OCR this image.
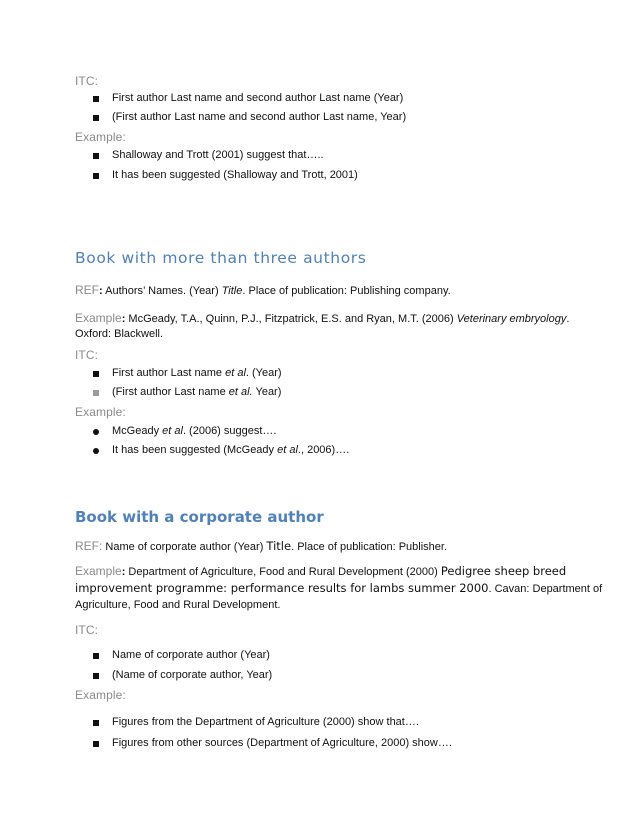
ITC:
First author Last name and second author Last name (Year)
(First author Last name and second author Last name, Year)
Example:
Shalloway and Trott (2001) suggest that…..
It has been suggested (Shalloway and Trott, 2001)
Book with more than three authors
REF: Authors’ Names. (Year) Title. Place of publication: Publishing company.
Example: McGeady, T.A., Quinn, P.J., Fitzpatrick, E.S. and Ryan, M.T. (2006) Veterinary embryology.
Oxford: Blackwell.
ITC:
First author Last name et al. (Year)
(First author Last name et al. Year)
Example:
McGeady et al. (2006) suggest….
It has been suggested (McGeady et al., 2006)….
Book with a corporate author
REF: Name of corporate author (Year) Title. Place of publication: Publisher.
Example: Department of Agriculture, Food and Rural Development (2000) Pedigree sheep breed
improvement programme: performance results for lambs summer 2000. Cavan: Department of
Agriculture, Food and Rural Development.
ITC:
Name of corporate author (Year)
(Name of corporate author, Year)
Example:
Figures from the Department of Agriculture (2000) show that….
Figures from other sources (Department of Agriculture, 2000) show….
